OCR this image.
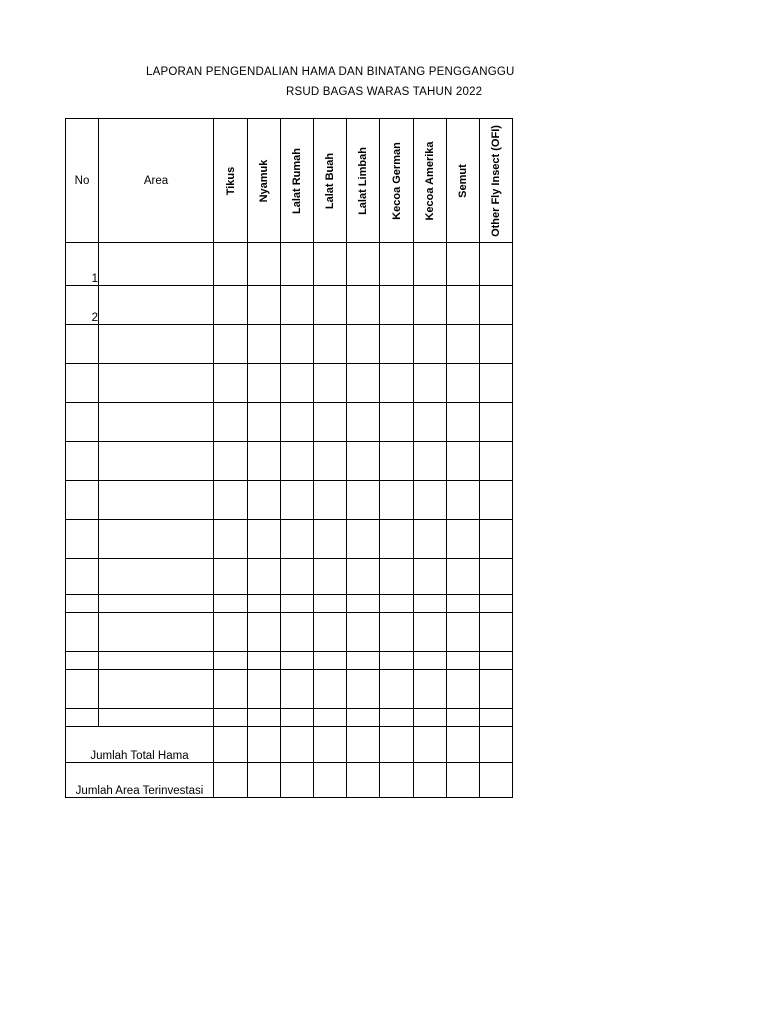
LAPORAN PENGENDALIAN HAMA DAN BINATANG PENGGANGGU
RSUD BAGAS WARAS TAHUN 2022
No	Area	Tikus	Nyamuk	Lalat Rumah	Lalat Buah	Lalat Limbah	Kecoa German	Kecoa Amerika	Semut	Other Fly Insect (OFI)

1										
2										

Jumlah Total Hama										
Jumlah Area Terinvestasi										
